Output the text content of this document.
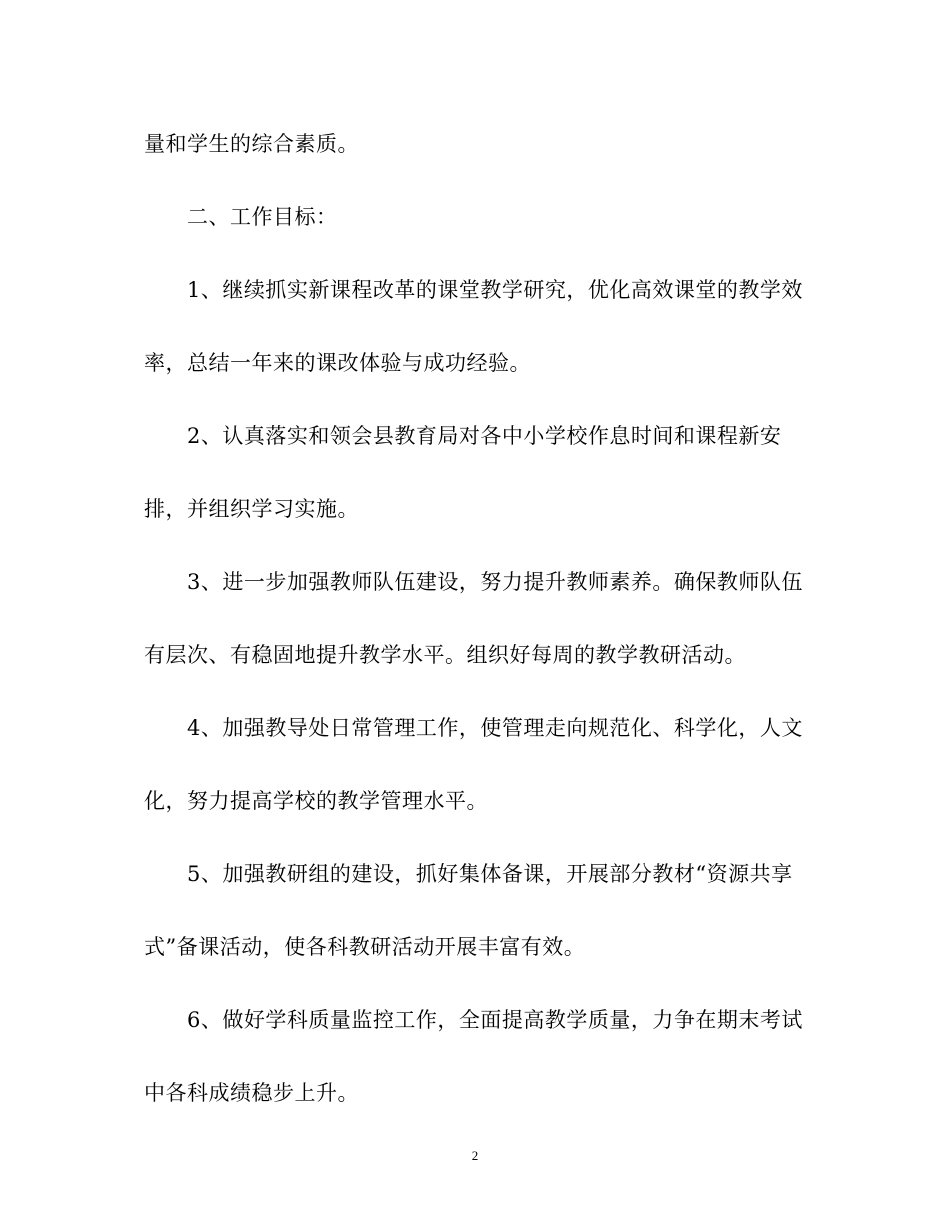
量和学生的综合素质。
二、工作目标：
1、继续抓实新课程改革的课堂教学研究，优化高效课堂的教学效
率，总结一年来的课改体验与成功经验。
2、认真落实和领会县教育局对各中小学校作息时间和课程新安
排，并组织学习实施。
3、进一步加强教师队伍建设，努力提升教师素养。确保教师队伍
有层次、有稳固地提升教学水平。组织好每周的教学教研活动。
4、加强教导处日常管理工作，使管理走向规范化、科学化，人文
化，努力提高学校的教学管理水平。
5、加强教研组的建设，抓好集体备课，开展部分教材“资源共享
式”备课活动，使各科教研活动开展丰富有效。
6、做好学科质量监控工作，全面提高教学质量，力争在期末考试
中各科成绩稳步上升。
2
